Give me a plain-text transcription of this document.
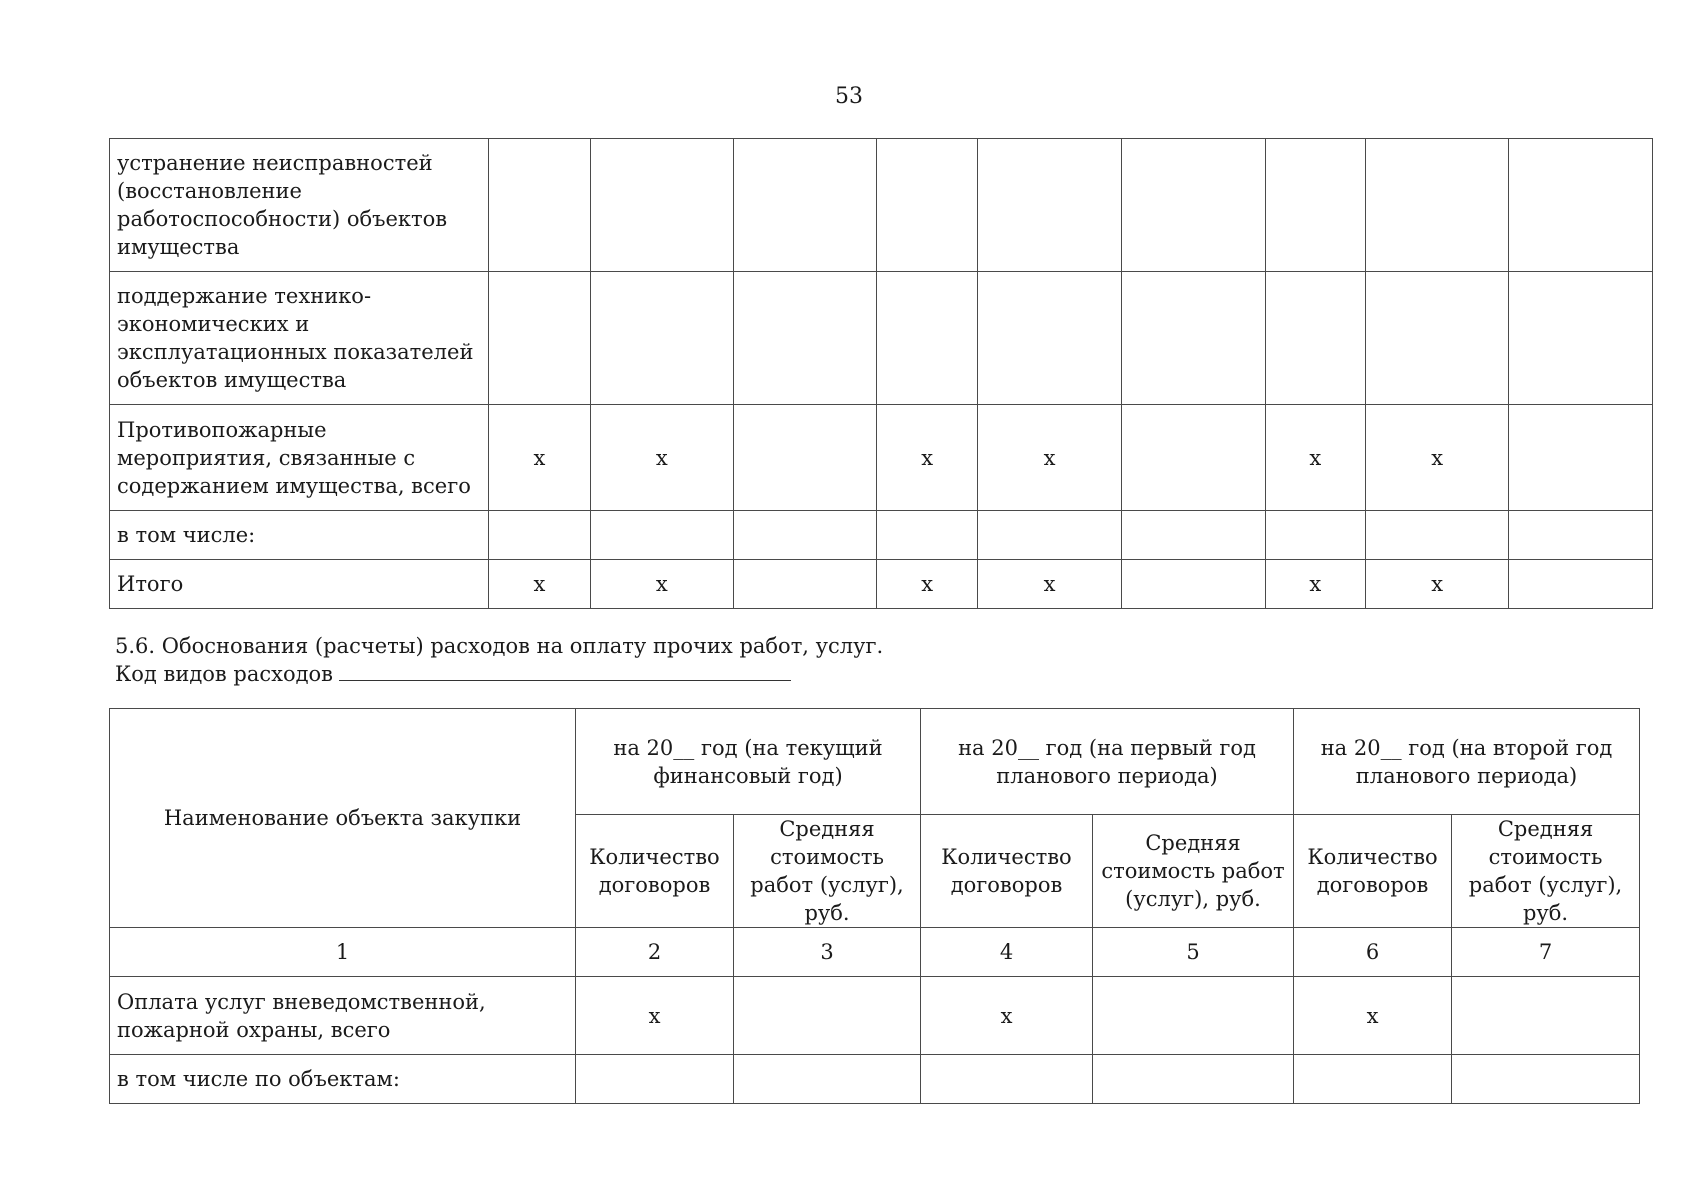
53
устранение неисправностей (восстановление работоспособности) объектов имущества									
поддержание технико-экономических и эксплуатационных показателей объектов имущества									
Противопожарные мероприятия, связанные с содержанием имущества, всего	x	x		x	x		x	x	
в том числе:									
Итого	x	x		x	x		x	x	
5.6. Обоснования (расчеты) расходов на оплату прочих работ, услуг.
Код видов расходов
Наименование объекта закупки	на 20__ год (на текущий финансовый год)		на 20__ год (на первый год планового периода)		на 20__ год (на второй год планового периода)	
	Количество договоров	Средняя стоимость работ (услуг), руб.	Количество договоров	Средняя стоимость работ (услуг), руб.	Количество договоров	Средняя стоимость работ (услуг), руб.
1	2	3	4	5	6	7
Оплата услуг вневедомственной, пожарной охраны, всего	x		x		x	
в том числе по объектам:						
